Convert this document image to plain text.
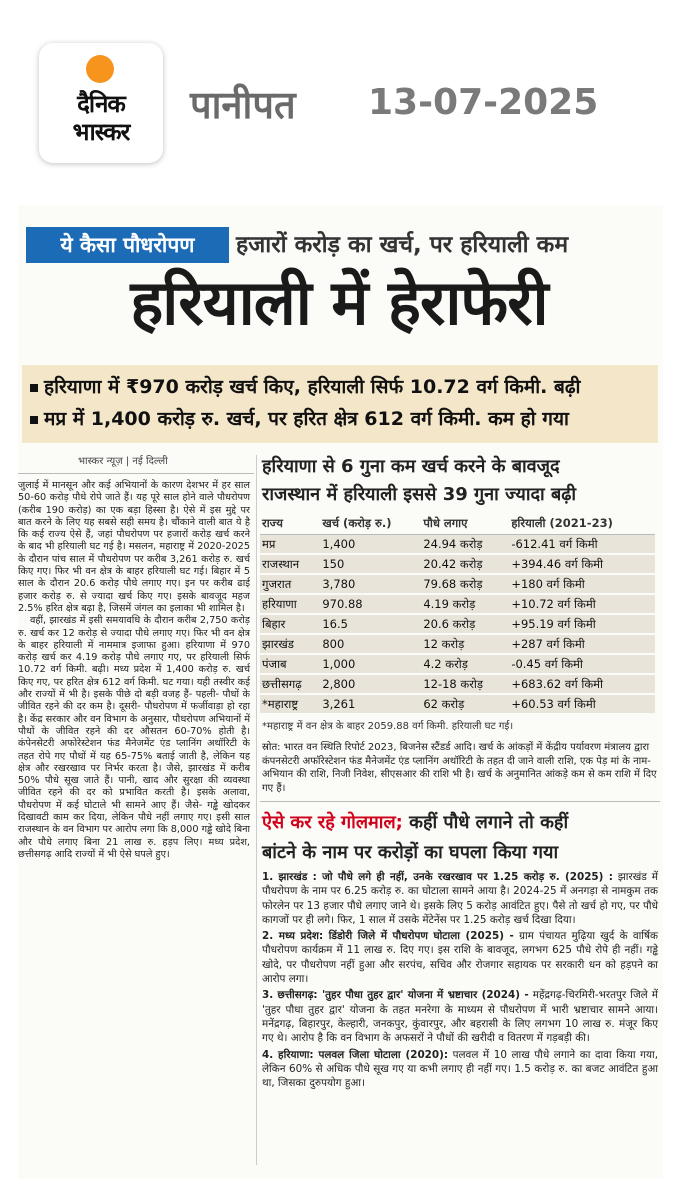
दैनिक
भास्कर
पानीपत 13-07-2025
ये कैसा पौधरोपण	हजारों करोड़ का खर्च, पर हरियाली कम
हरियाली में हेराफेरी
हरियाणा में ₹970 करोड़ खर्च किए, हरियाली सिर्फ 10.72 वर्ग किमी. बढ़ी
मप्र में 1,400 करोड़ रु. खर्च, पर हरित क्षेत्र 612 वर्ग किमी. कम हो गया
भास्कर न्यूज़ | नई दिल्ली

जुलाई में मानसून और कई अभियानों के कारण देशभर में हर साल 50-60 करोड़ पौधे रोपे जाते हैं। यह पूरे साल होने वाले पौधरोपण (करीब 190 करोड़) का एक बड़ा हिस्सा है। ऐसे में इस मुद्दे पर बात करने के लिए यह सबसे सही समय है। चौंकाने वाली बात ये है कि कई राज्य ऐसे हैं, जहां पौधरोपण पर हजारों करोड़ खर्च करने के बाद भी हरियाली घट गई है। मसलन, महाराष्ट्र में 2020-2025 के दौरान पांच साल में पौधरोपण पर करीब 3,261 करोड़ रु. खर्च किए गए। फिर भी वन क्षेत्र के बाहर हरियाली घट गई। बिहार में 5 साल के दौरान 20.6 करोड़ पौधे लगाए गए। इन पर करीब ढाई हजार करोड़ रु. से ज्यादा खर्च किए गए। इसके बावजूद महज 2.5% हरित क्षेत्र बढ़ा है, जिसमें जंगल का इलाका भी शामिल है।

वहीं, झारखंड में इसी समयावधि के दौरान करीब 2,750 करोड़ रु. खर्च कर 12 करोड़ से ज्यादा पौधे लगाए गए। फिर भी वन क्षेत्र के बाहर हरियाली में नाममात्र इजाफा हुआ। हरियाणा में 970 करोड़ खर्च कर 4.19 करोड़ पौधे लगाए गए, पर हरियाली सिर्फ 10.72 वर्ग किमी. बढ़ी। मध्य प्रदेश में 1,400 करोड़ रु. खर्च किए गए, पर हरित क्षेत्र 612 वर्ग किमी. घट गया। यही तस्वीर कई और राज्यों में भी है। इसके पीछे दो बड़ी वजह हैं- पहली- पौधों के जीवित रहने की दर कम है। दूसरी- पौधरोपण में फर्जीवाड़ा हो रहा है। केंद्र सरकार और वन विभाग के अनुसार, पौधरोपण अभियानों में पौधों के जीवित रहने की दर औसतन 60-70% होती है। कंपेनसेटरी अफोरेस्टेशन फंड मैनेजमेंट एंड प्लानिंग अथॉरिटी के तहत रोपे गए पौधों में यह 65-75% बताई जाती है, लेकिन यह क्षेत्र और रखरखाव पर निर्भर करता है। जैसे, झारखंड में करीब 50% पौधे सूख जाते हैं। पानी, खाद और सुरक्षा की व्यवस्था जीवित रहने की दर को प्रभावित करती है। इसके अलावा, पौधरोपण में कई घोटाले भी सामने आए हैं। जैसे- गड्ढे खोदकर दिखावटी काम कर दिया, लेकिन पौधे नहीं लगाए गए। इसी साल राजस्थान के वन विभाग पर आरोप लगा कि 8,000 गड्ढे खोदे बिना और पौधे लगाए बिना 21 लाख रु. हड़प लिए। मध्य प्रदेश, छत्तीसगढ़ आदि राज्यों में भी ऐसे घपले हुए।

हरियाणा से 6 गुना कम खर्च करने के बावजूद
राजस्थान में हरियाली इससे 39 गुना ज्यादा बढ़ी
राज्य	खर्च (करोड़ रु.)	पौधे लगाए	हरियाली (2021-23)
मप्र	1,400	24.94 करोड़	-612.41 वर्ग किमी
राजस्थान	150	20.42 करोड़	+394.46 वर्ग किमी
गुजरात	3,780	79.68 करोड़	+180 वर्ग किमी
हरियाणा	970.88	4.19 करोड़	+10.72 वर्ग किमी
बिहार	16.5	20.6 करोड़	+95.19 वर्ग किमी
झारखंड	800	12 करोड़	+287 वर्ग किमी
पंजाब	1,000	4.2 करोड़	-0.45 वर्ग किमी
छत्तीसगढ़	2,800	12-18 करोड़	+683.62 वर्ग किमी
*महाराष्ट्र	3,261	62 करोड़	+60.53 वर्ग किमी
*महाराष्ट्र में वन क्षेत्र के बाहर 2059.88 वर्ग किमी. हरियाली घट गई।
स्रोत: भारत वन स्थिति रिपोर्ट 2023, बिजनेस स्टैंडर्ड आदि। खर्च के आंकड़ों में केंद्रीय पर्यावरण मंत्रालय द्वारा कंपनसेटरी अफॉरेस्टेशन फंड मैनेजमेंट एंड प्लानिंग अथॉरिटी के तहत दी जाने वाली राशि, एक पेड़ मां के नाम-अभियान की राशि, निजी निवेश, सीएसआर की राशि भी है। खर्च के अनुमानित आंकड़े कम से कम राशि में दिए गए हैं।
ऐसे कर रहे गोलमाल; कहीं पौधे लगाने तो कहीं
बांटने के नाम पर करोड़ों का घपला किया गया

1. झारखंड : जो पौधे लगे ही नहीं, उनके रखरखाव पर 1.25 करोड़ रु. (2025) : झारखंड में पौधरोपण के नाम पर 6.25 करोड़ रु. का घोटाला सामने आया है। 2024-25 में अनगड़ा से नामकुम तक फोरलेन पर 13 हजार पौधे लगाए जाने थे। इसके लिए 5 करोड़ आवंटित हुए। पैसे तो खर्च हो गए, पर पौधे कागजों पर ही लगे। फिर, 1 साल में उसके मेंटेनेंस पर 1.25 करोड़ खर्च दिखा दिया।

2. मध्य प्रदेश: डिंडोरी जिले में पौधरोपण घोटाला (2025) - ग्राम पंचायत मुढ़िया खुर्द के वार्षिक पौधरोपण कार्यक्रम में 11 लाख रु. दिए गए। इस राशि के बावजूद, लगभग 625 पौधे रोपे ही नहीं। गड्ढे खोदे, पर पौधरोपण नहीं हुआ और सरपंच, सचिव और रोजगार सहायक पर सरकारी धन को हड़पने का आरोप लगा।

3. छत्तीसगढ़: 'तुहर पौधा तुहर द्वार' योजना में भ्रष्टाचार (2024) - महेंद्रगढ़-चिरमिरी-भरतपुर जिले में 'तुहर पौधा तुहर द्वार' योजना के तहत मनरेगा के माध्यम से पौधरोपण में भारी भ्रष्टाचार सामने आया। मनेंद्रगढ़, बिहारपुर, केल्हारी, जनकपुर, कुंवारपुर, और बहरासी के लिए लगभग 10 लाख रु. मंजूर किए गए थे। आरोप है कि वन विभाग के अफसरों ने पौधों की खरीदी व वितरण में गड़बड़ी की।

4. हरियाणा: पलवल जिला घोटाला (2020): पलवल में 10 लाख पौधे लगाने का दावा किया गया, लेकिन 60% से अधिक पौधे सूख गए या कभी लगाए ही नहीं गए। 1.5 करोड़ रु. का बजट आवंटित हुआ था, जिसका दुरुपयोग हुआ।
